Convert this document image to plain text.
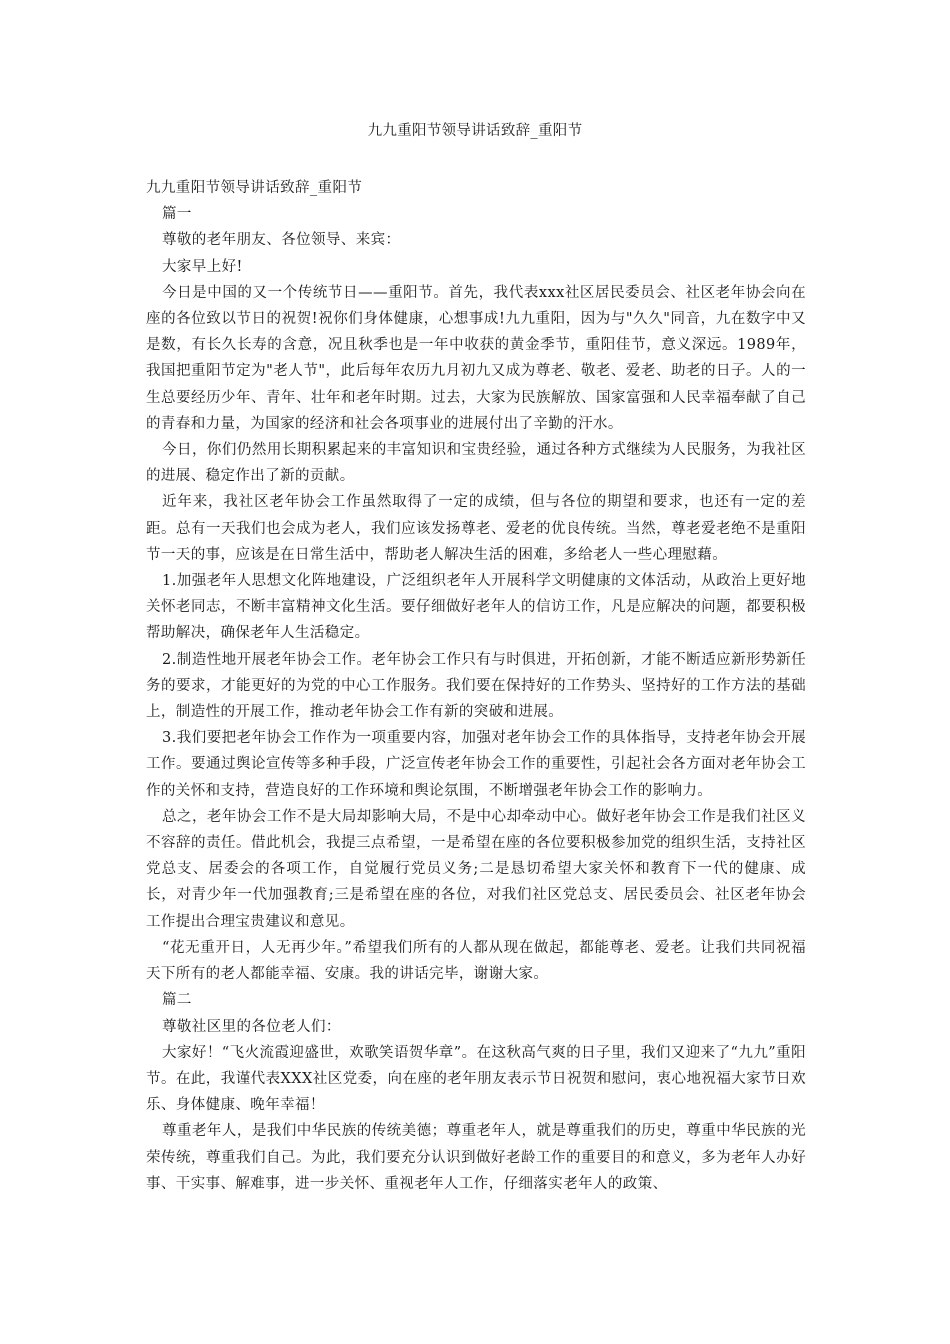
九九重阳节领导讲话致辞_重阳节

九九重阳节领导讲话致辞_重阳节

篇一

尊敬的老年朋友、各位领导、来宾：

大家早上好!

今日是中国的又一个传统节日——重阳节。首先，我代表xxx社区居民委员会、社区老年协会向在座的各位致以节日的祝贺!祝你们身体健康，心想事成!九九重阳，因为与"久久"同音，九在数字中又是数，有长久长寿的含意，况且秋季也是一年中收获的黄金季节，重阳佳节，意义深远。1989年，我国把重阳节定为"老人节"，此后每年农历九月初九又成为尊老、敬老、爱老、助老的日子。人的一生总要经历少年、青年、壮年和老年时期。过去，大家为民族解放、国家富强和人民幸福奉献了自己的青春和力量，为国家的经济和社会各项事业的进展付出了辛勤的汗水。

今日，你们仍然用长期积累起来的丰富知识和宝贵经验，通过各种方式继续为人民服务，为我社区的进展、稳定作出了新的贡献。

近年来，我社区老年协会工作虽然取得了一定的成绩，但与各位的期望和要求，也还有一定的差距。总有一天我们也会成为老人，我们应该发扬尊老、爱老的优良传统。当然，尊老爱老绝不是重阳节一天的事，应该是在日常生活中，帮助老人解决生活的困难，多给老人一些心理慰藉。

1.加强老年人思想文化阵地建设，广泛组织老年人开展科学文明健康的文体活动，从政治上更好地关怀老同志，不断丰富精神文化生活。要仔细做好老年人的信访工作，凡是应解决的问题，都要积极帮助解决，确保老年人生活稳定。

2.制造性地开展老年协会工作。老年协会工作只有与时俱进，开拓创新，才能不断适应新形势新任务的要求，才能更好的为党的中心工作服务。我们要在保持好的工作势头、坚持好的工作方法的基础上，制造性的开展工作，推动老年协会工作有新的突破和进展。

3.我们要把老年协会工作作为一项重要内容，加强对老年协会工作的具体指导，支持老年协会开展工作。要通过舆论宣传等多种手段，广泛宣传老年协会工作的重要性，引起社会各方面对老年协会工作的关怀和支持，营造良好的工作环境和舆论氛围，不断增强老年协会工作的影响力。

总之，老年协会工作不是大局却影响大局，不是中心却牵动中心。做好老年协会工作是我们社区义不容辞的责任。借此机会，我提三点希望，一是希望在座的各位要积极参加党的组织生活，支持社区党总支、居委会的各项工作，自觉履行党员义务;二是恳切希望大家关怀和教育下一代的健康、成长，对青少年一代加强教育;三是希望在座的各位，对我们社区党总支、居民委员会、社区老年协会工作提出合理宝贵建议和意见。

“花无重开日，人无再少年。”希望我们所有的人都从现在做起，都能尊老、爱老。让我们共同祝福天下所有的老人都能幸福、安康。我的讲话完毕，谢谢大家。

篇二

尊敬社区里的各位老人们：

大家好！“飞火流霞迎盛世，欢歌笑语贺华章”。在这秋高气爽的日子里，我们又迎来了“九九”重阳节。在此，我谨代表XXX社区党委，向在座的老年朋友表示节日祝贺和慰问，衷心地祝福大家节日欢乐、身体健康、晚年幸福！

尊重老年人，是我们中华民族的传统美德；尊重老年人，就是尊重我们的历史，尊重中华民族的光荣传统，尊重我们自己。为此，我们要充分认识到做好老龄工作的重要目的和意义，多为老年人办好事、干实事、解难事，进一步关怀、重视老年人工作，仔细落实老年人的政策、
